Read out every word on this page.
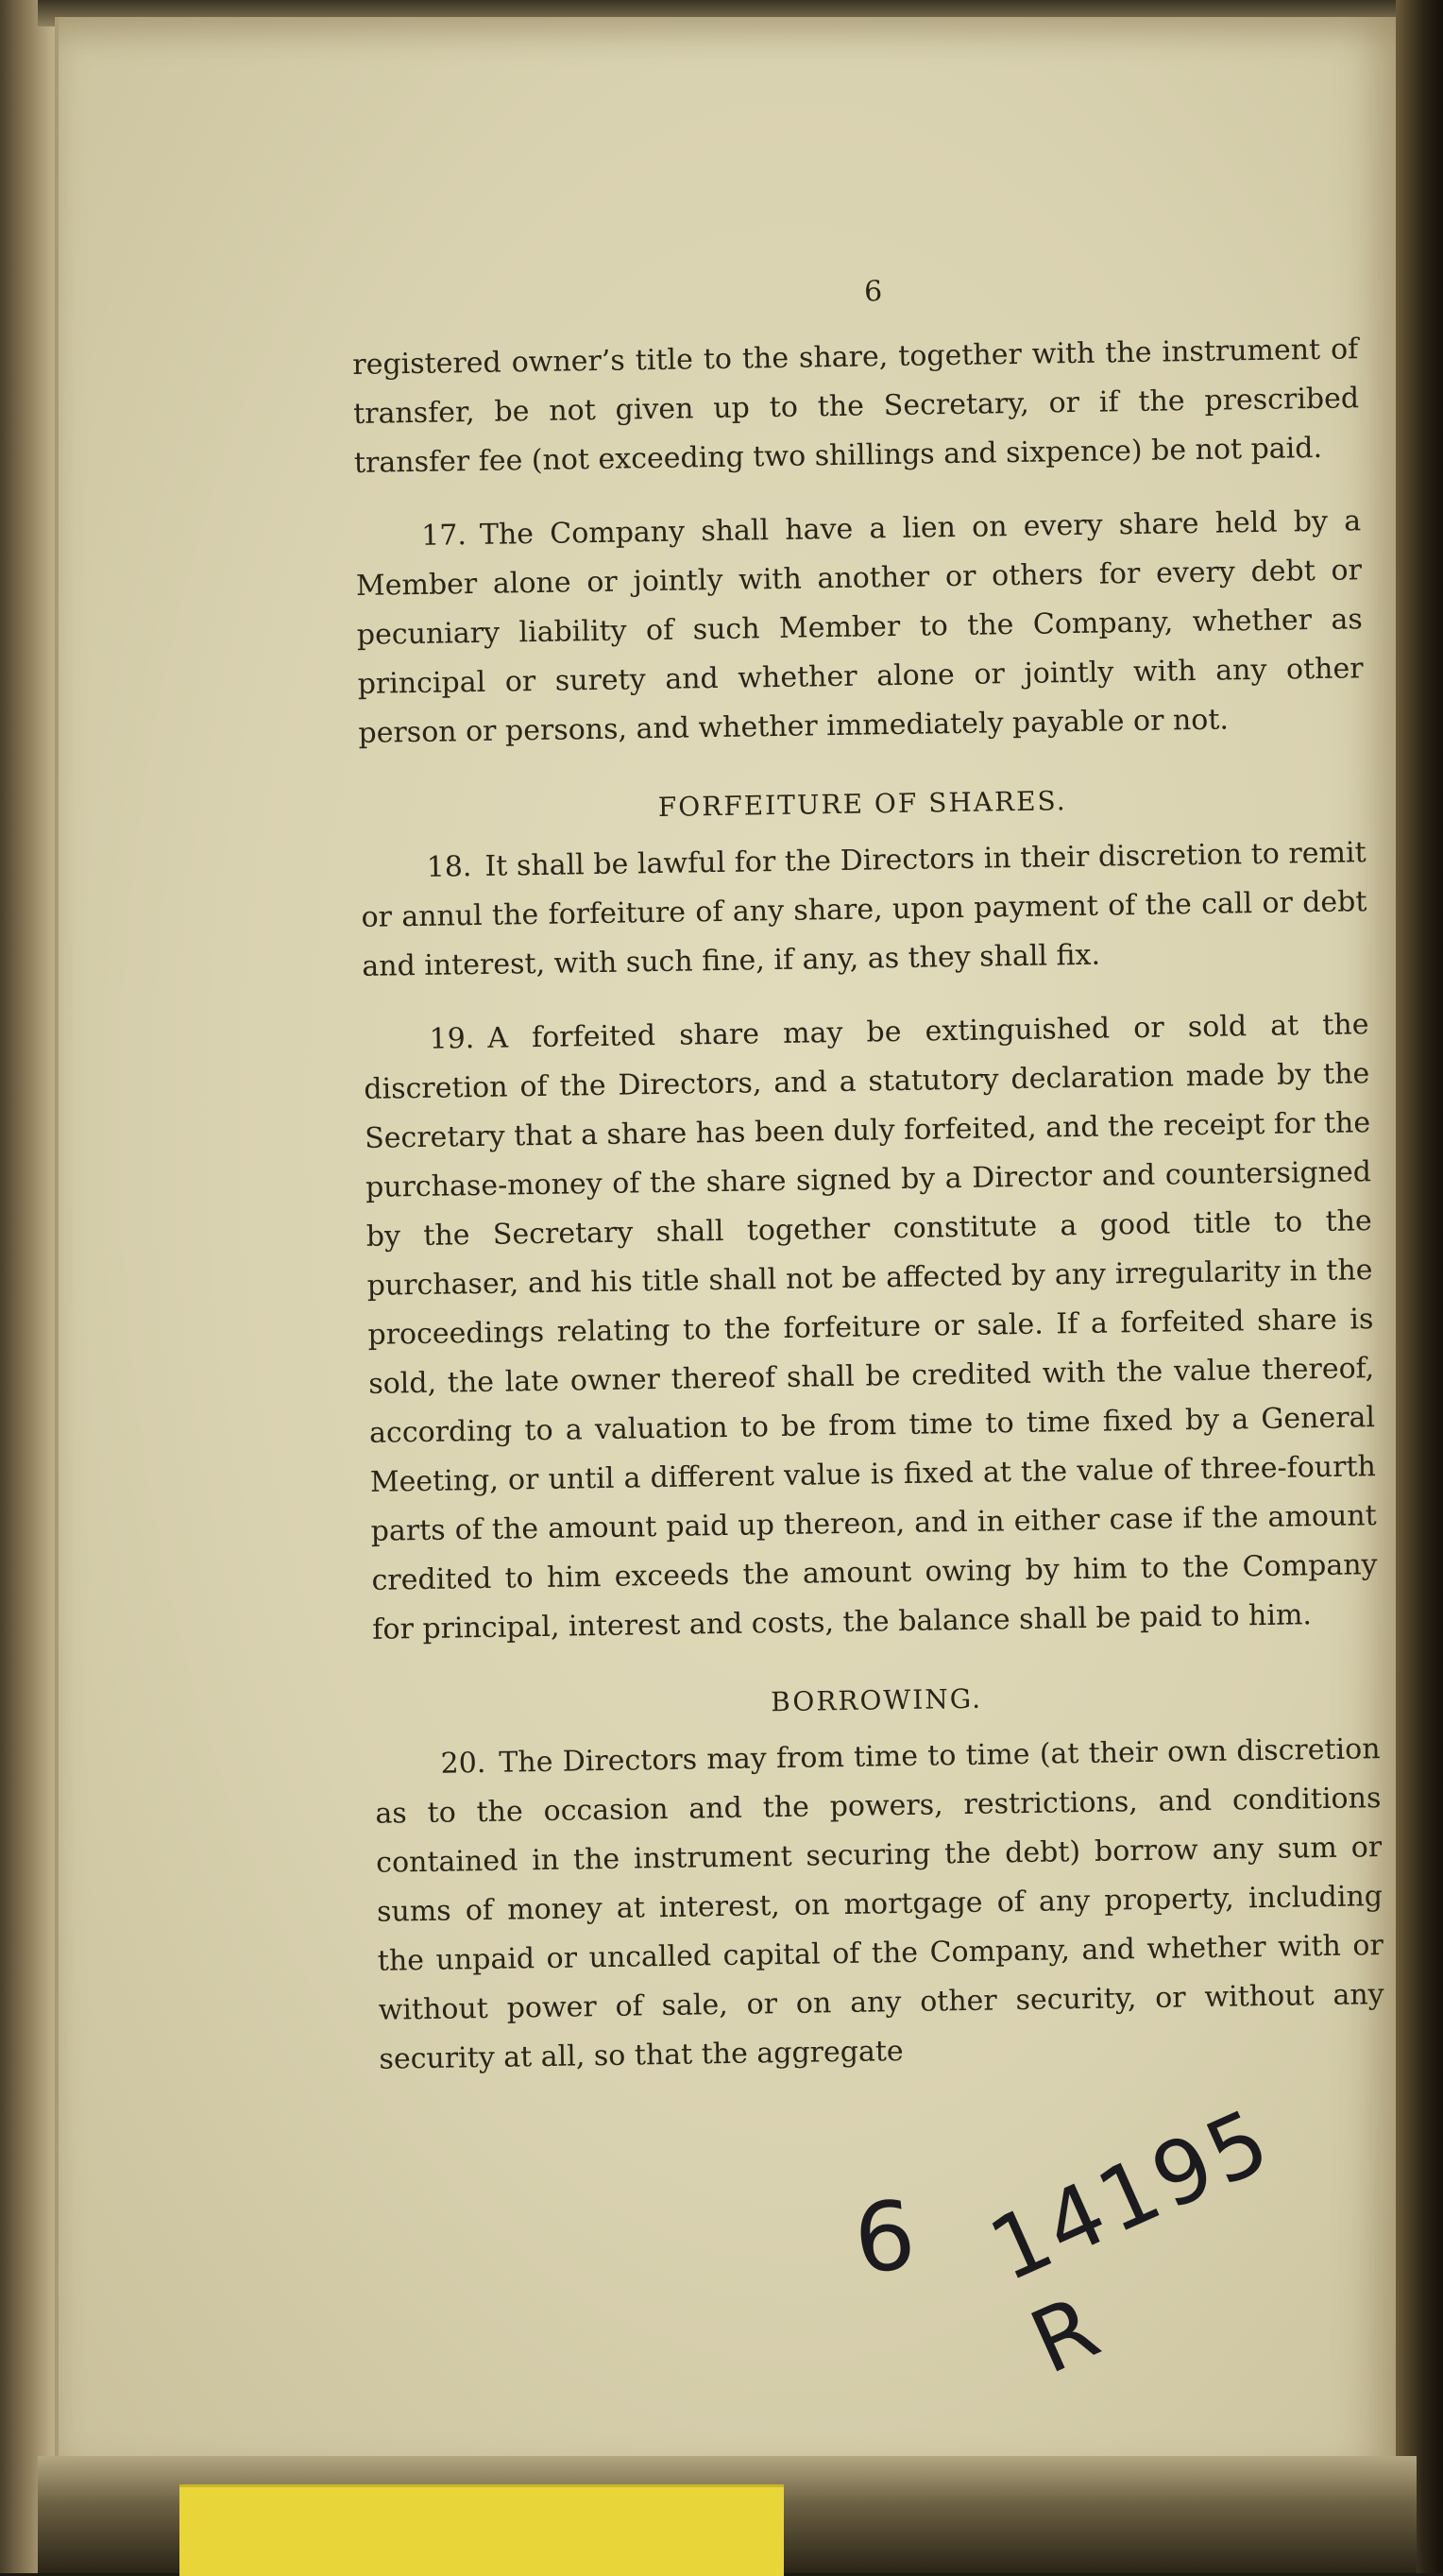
6

registered owner’s title to the share, together with the instrument of transfer, be not given up to the Secretary, or if the prescribed transfer fee (not exceeding two shillings and sixpence) be not paid.

17. The Company shall have a lien on every share held by a Member alone or jointly with another or others for every debt or pecuniary liability of such Member to the Company, whether as principal or surety and whether alone or jointly with any other person or persons, and whether immediately payable or not.

FORFEITURE OF SHARES.

18. It shall be lawful for the Directors in their discretion to remit or annul the forfeiture of any share, upon payment of the call or debt and interest, with such fine, if any, as they shall fix.

19. A forfeited share may be extinguished or sold at the discretion of the Directors, and a statutory declaration made by the Secretary that a share has been duly forfeited, and the receipt for the purchase-money of the share signed by a Director and countersigned by the Secretary shall together constitute a good title to the purchaser, and his title shall not be affected by any irregularity in the proceedings relating to the forfeiture or sale. If a forfeited share is sold, the late owner thereof shall be credited with the value thereof, according to a valuation to be from time to time fixed by a General Meeting, or until a different value is fixed at the value of three-fourth parts of the amount paid up thereon, and in either case if the amount credited to him exceeds the amount owing by him to the Company for principal, interest and costs, the balance shall be paid to him.

BORROWING.

20. The Directors may from time to time (at their own discretion as to the occasion and the powers, restrictions, and conditions contained in the instrument securing the debt) borrow any sum or sums of money at interest, on mortgage of any property, including the unpaid or uncalled capital of the Company, and whether with or without power of sale, or on any other security, or without any security at all, so that the aggregate

6 14195 R
